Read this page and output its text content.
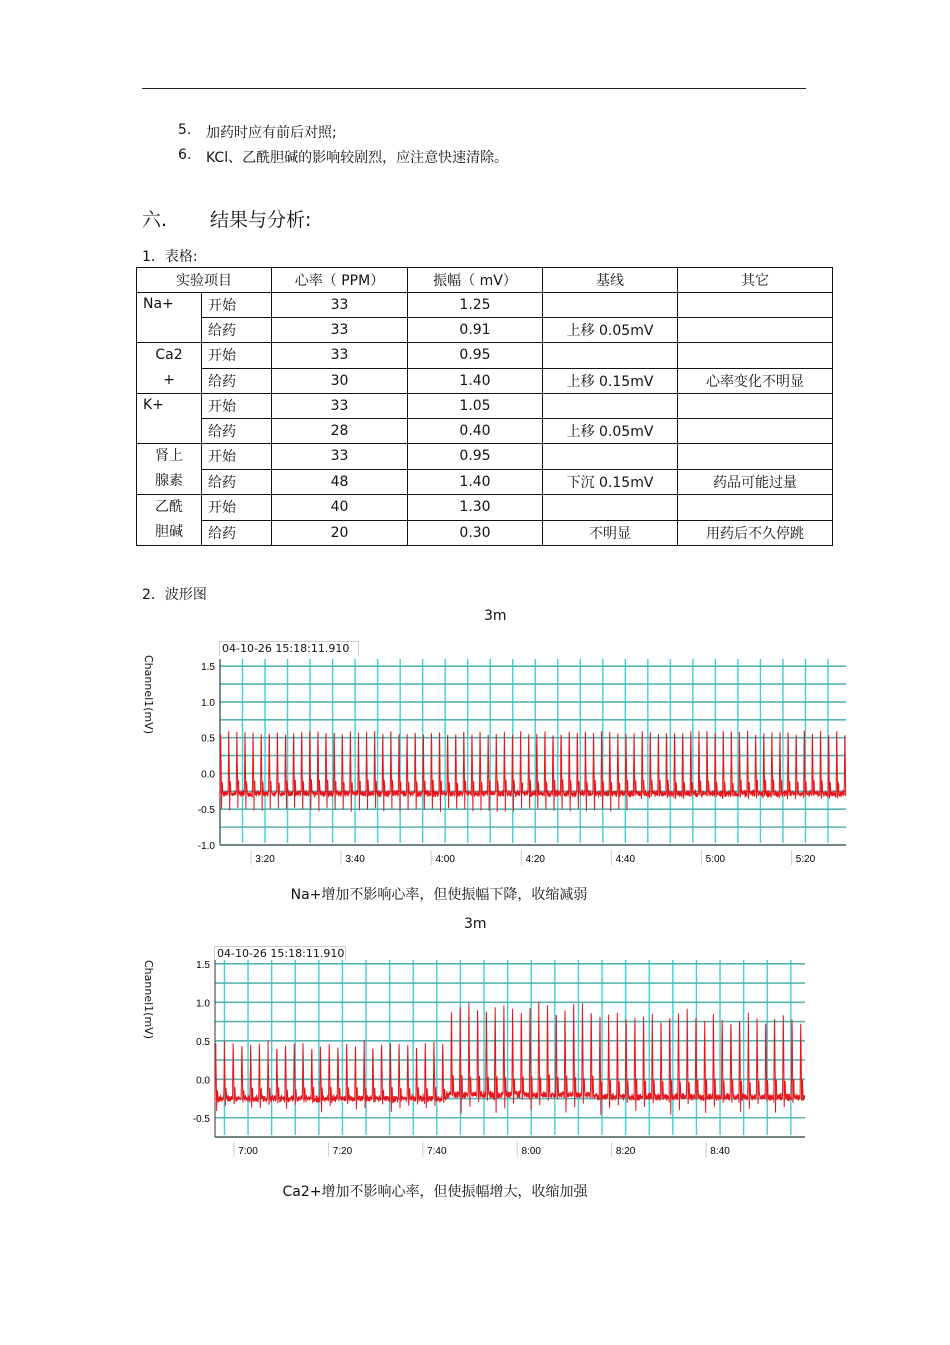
5. 加药时应有前后对照;
6. KCl、乙酰胆碱的影响较剧烈，应注意快速清除。
六. 结果与分析:
1．表格:
实验项目		心率（ PPM）	振幅（ mV）	基线	其它
Na+	开始	33	1.25		
	给药	33	0.91	上移 0.05mV	
Ca2+	开始	33	0.95		
	给药	30	1.40	上移 0.15mV	心率变化不明显
K+	开始	33	1.05		
	给药	28	0.40	上移 0.05mV	
肾上腺素	开始	33	0.95		
	给药	48	1.40	下沉 0.15mV	药品可能过量
乙酰胆碱	开始	40	1.30		
	给药	20	0.30	不明显	用药后不久停跳
2．波形图
3m
04-10-26 15:18:11.910
Channel1(mV)
Na+增加不影响心率，但使振幅下降，收缩减弱
1.5
1.0
0.5
0.0
-0.5
-1.0
3:20	3:40	4:00	4:20	4:40	5:00	5:20
3m
04-10-26 15:18:11.910
Channel1(mV)
Ca2+增加不影响心率，但使振幅增大，收缩加强
1.5
1.0
0.5
0.0
-0.5
7:00	7:20	7:40	8:00	8:20	8:40
